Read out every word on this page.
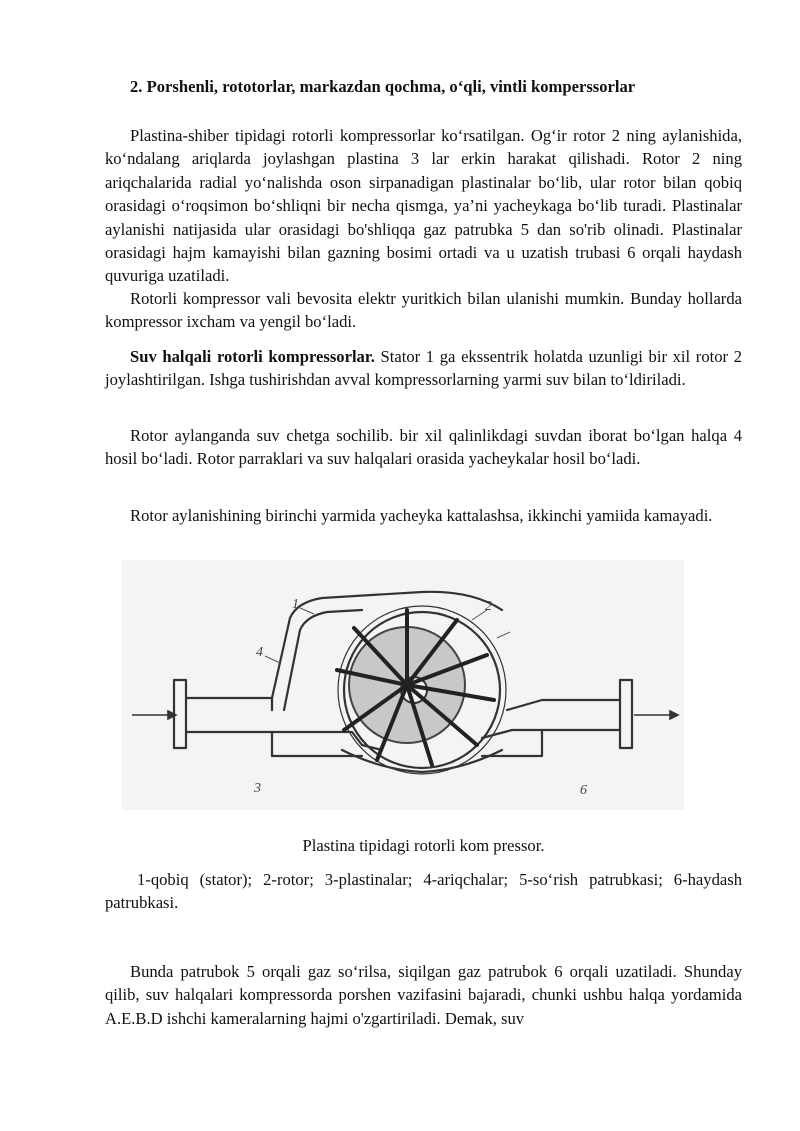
2. Porshenli, rototorlar, markazdan qochma, o‘qli, vintli komperssorlar

Plastina-shiber tipidagi rotorli kompressorlar ko‘rsatilgan. Og‘ir rotor 2 ning aylanishida, ko‘ndalang ariqlarda joylashgan plastina 3 lar erkin harakat qilishadi. Rotor 2 ning ariqchalarida radial yo‘nalishda oson sirpanadigan plastinalar bo‘lib, ular rotor bilan qobiq orasidagi o‘roqsimon bo‘shliqni bir necha qismga, ya’ni yacheykaga bo‘lib turadi. Plastinalar aylanishi natijasida ular orasidagi bo'shliqqa gaz patrubka 5 dan so'rib olinadi. Plastinalar orasidagi hajm kamayishi bilan gazning bosimi ortadi va u uzatish trubasi 6 orqali haydash quvuriga uzatiladi.

Rotorli kompressor vali bevosita elektr yuritkich bilan ulanishi mumkin. Bunday hollarda kompressor ixcham va yengil bo‘ladi.

Suv halqali rotorli kompressorlar. Stator 1 ga ekssentrik holatda uzunligi bir xil rotor 2 joylashtirilgan. Ishga tushirishdan avval kompressorlarning yarmi suv bilan to‘ldiriladi.

Rotor aylanganda suv chetga sochilib. bir xil qalinlikdagi suvdan iborat bo‘lgan halqa 4 hosil bo‘ladi. Rotor parraklari va suv halqalari orasida yacheykalar hosil bo‘ladi.

Rotor aylanishining birinchi yarmida yacheyka kattalashsa, ikkinchi yamiida kamayadi.

1	2
4
3	6
Plastina tipidagi rotorli kom pressor.

1-qobiq (stator); 2-rotor; 3-plastinalar; 4-ariqchalar; 5-so‘rish patrubkasi; 6-haydash patrubkasi.

Bunda patrubok 5 orqali gaz so‘rilsa, siqilgan gaz patrubok 6 orqali uzatiladi. Shunday qilib, suv halqalari kompressorda porshen vazifasini bajaradi, chunki ushbu halqa yordamida A.E.B.D ishchi kameralarning hajmi o'zgartiriladi. Demak, suv
